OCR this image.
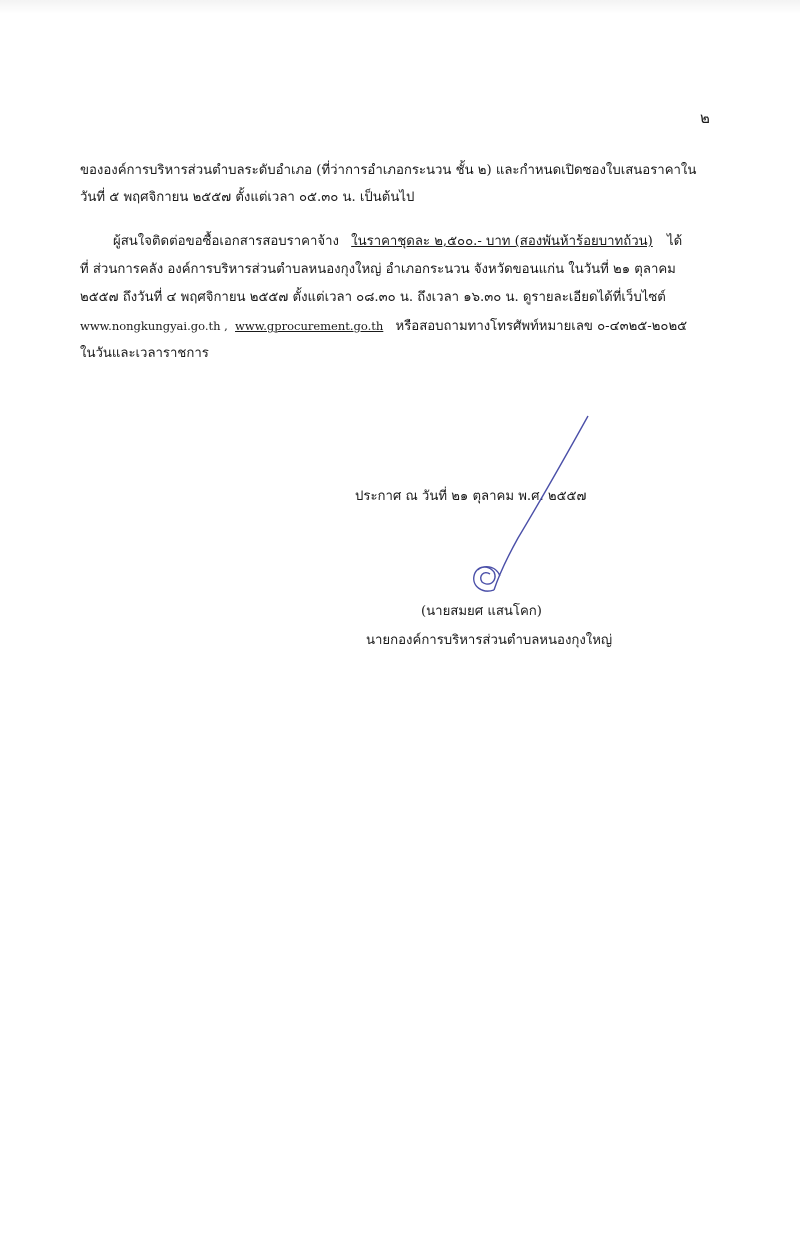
๒
ขององค์การบริหารส่วนตำบลระดับอำเภอ (ที่ว่าการอำเภอกระนวน ชั้น ๒) และกำหนดเปิดซองใบเสนอราคาใน
วันที่ ๕ พฤศจิกายน ๒๕๕๗ ตั้งแต่เวลา ๐๕.๓๐ น. เป็นต้นไป
ผู้สนใจติดต่อขอซื้อเอกสารสอบราคาจ้าง ในราคาชุดละ ๒,๕๐๐.- บาท (สองพันห้าร้อยบาทถ้วน) ได้
ที่ ส่วนการคลัง องค์การบริหารส่วนตำบลหนองกุงใหญ่ อำเภอกระนวน จังหวัดขอนแก่น ในวันที่ ๒๑ ตุลาคม
๒๕๕๗ ถึงวันที่ ๔ พฤศจิกายน ๒๕๕๗ ตั้งแต่เวลา ๐๘.๓๐ น. ถึงเวลา ๑๖.๓๐ น. ดูรายละเอียดได้ที่เว็บไซต์
www.nongkungyai.go.th , www.gprocurement.go.th หรือสอบถามทางโทรศัพท์หมายเลข ๐-๔๓๒๕-๒๐๒๕
ในวันและเวลาราชการ
ประกาศ ณ วันที่ ๒๑ ตุลาคม พ.ศ. ๒๕๕๗
(นายสมยศ แสนโคก)
นายกองค์การบริหารส่วนตำบลหนองกุงใหญ่
